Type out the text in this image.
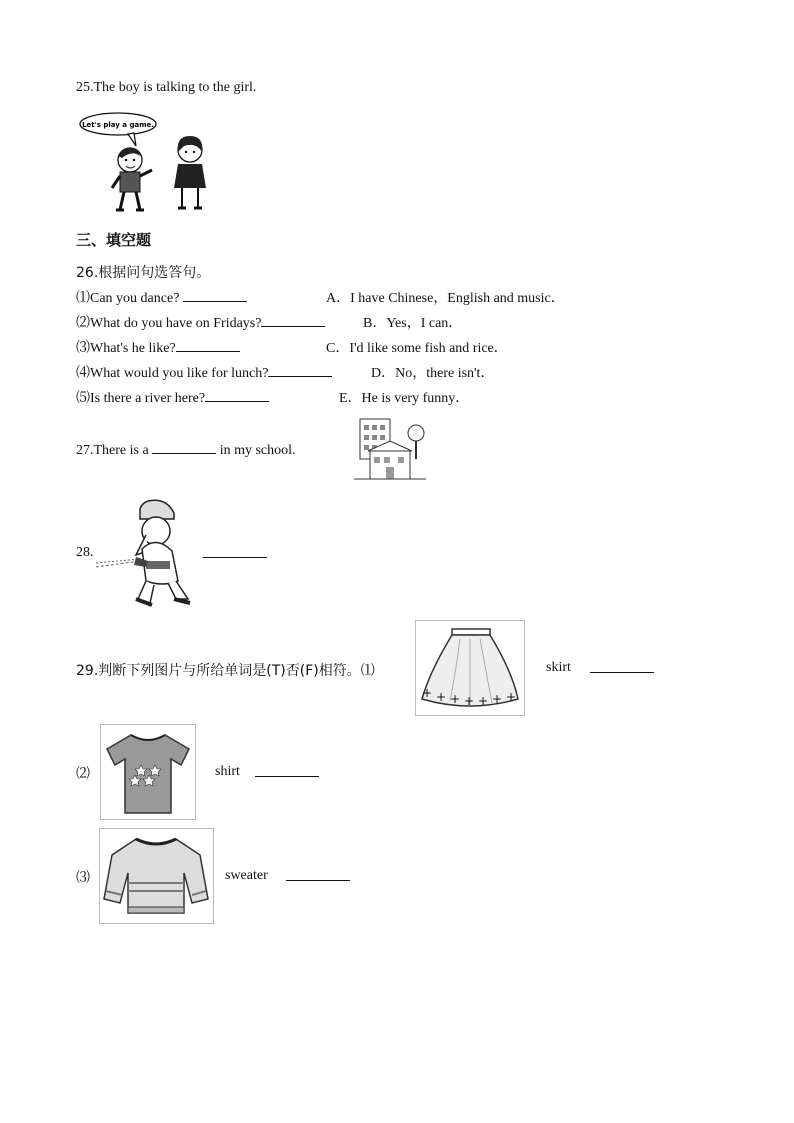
25.The boy is talking to the girl.
Let's play a game.
三、填空题
26.根据问句选答句。
⑴Can you dance?	A．I have Chinese，English and music．
⑵What do you have on Fridays?	B．Yes，I can．
⑶What's he like?	C．I'd like some fish and rice．
⑷What would you like for lunch?	D．No，there isn't．
⑸Is there a river here?	E．He is very funny．
27.There is a	in my school.
28.
29.判断下列图片与所给单词是(T)否(F)相符。⑴
+ + + + + + +
skirt
⑵	shirt
⑶	sweater
